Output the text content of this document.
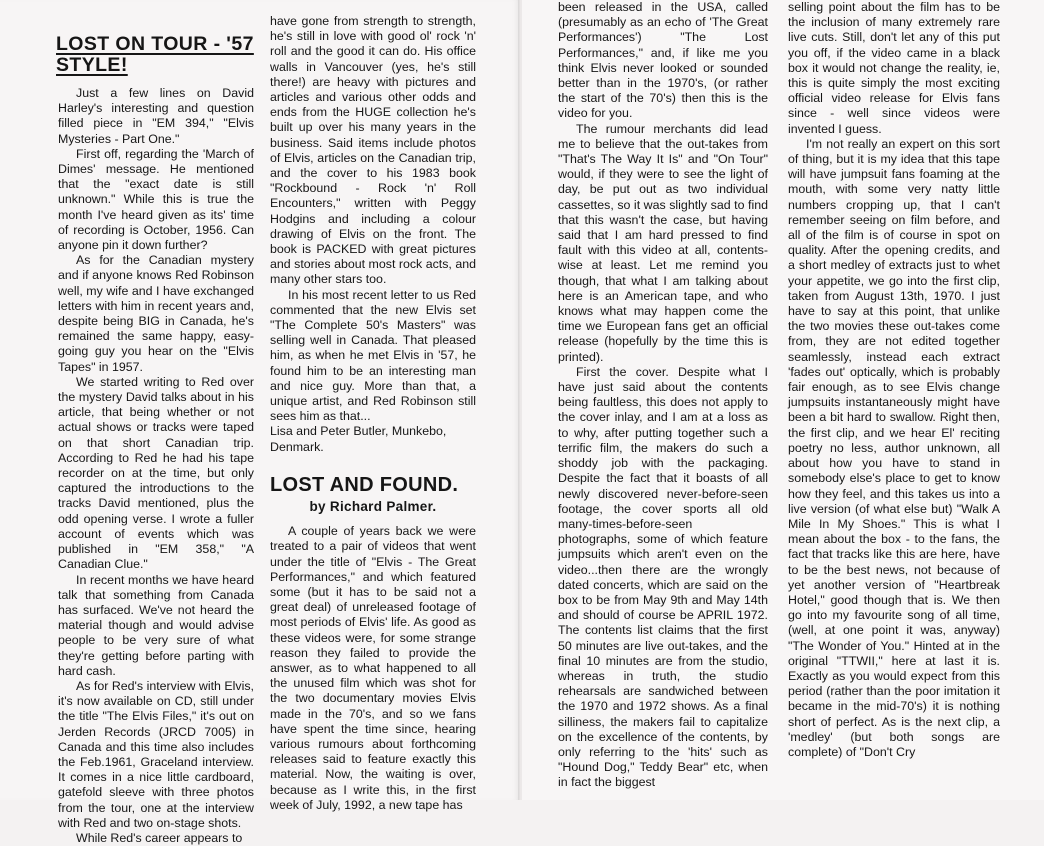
LOST ON TOUR - '57 STYLE!

Just a few lines on David Harley's interesting and question filled piece in "EM 394," "Elvis Mysteries - Part One."

First off, regarding the 'March of Dimes' message. He mentioned that the "exact date is still unknown." While this is true the month I've heard given as its' time of recording is October, 1956. Can anyone pin it down further?

As for the Canadian mystery and if anyone knows Red Robinson well, my wife and I have exchanged letters with him in recent years and, despite being BIG in Canada, he's remained the same happy, easy-going guy you hear on the "Elvis Tapes" in 1957.

We started writing to Red over the mystery David talks about in his article, that being whether or not actual shows or tracks were taped on that short Canadian trip. According to Red he had his tape recorder on at the time, but only captured the introductions to the tracks David mentioned, plus the odd opening verse. I wrote a fuller account of events which was published in "EM 358," "A Canadian Clue."

In recent months we have heard talk that something from Canada has surfaced. We've not heard the material though and would advise people to be very sure of what they're getting before parting with hard cash.

As for Red's interview with Elvis, it's now available on CD, still under the title "The Elvis Files," it's out on Jerden Records (JRCD 7005) in Canada and this time also includes the Feb.1961, Graceland interview. It comes in a nice little cardboard, gatefold sleeve with three photos from the tour, one at the interview with Red and two on-stage shots.

While Red's career appears to

have gone from strength to strength, he's still in love with good ol' rock 'n' roll and the good it can do. His office walls in Vancouver (yes, he's still there!) are heavy with pictures and articles and various other odds and ends from the HUGE collection he's built up over his many years in the business. Said items include photos of Elvis, articles on the Canadian trip, and the cover to his 1983 book "Rockbound - Rock 'n' Roll Encounters," written with Peggy Hodgins and including a colour drawing of Elvis on the front. The book is PACKED with great pictures and stories about most rock acts, and many other stars too.

In his most recent letter to us Red commented that the new Elvis set "The Complete 50's Masters" was selling well in Canada. That pleased him, as when he met Elvis in '57, he found him to be an interesting man and nice guy. More than that, a unique artist, and Red Robinson still sees him as that...

Lisa and Peter Butler, Munkebo, Denmark.

LOST AND FOUND.
by Richard Palmer.

A couple of years back we were treated to a pair of videos that went under the title of "Elvis - The Great Performances," and which featured some (but it has to be said not a great deal) of unreleased footage of most periods of Elvis' life. As good as these videos were, for some strange reason they failed to provide the answer, as to what happened to all the unused film which was shot for the two documentary movies Elvis made in the 70's, and so we fans have spent the time since, hearing various rumours about forthcoming releases said to feature exactly this material. Now, the waiting is over, because as I write this, in the first week of July, 1992, a new tape has

been released in the USA, called (presumably as an echo of 'The Great Performances') "The Lost Performances," and, if like me you think Elvis never looked or sounded better than in the 1970's, (or rather the start of the 70's) then this is the video for you.

The rumour merchants did lead me to believe that the out-takes from "That's The Way It Is" and "On Tour" would, if they were to see the light of day, be put out as two individual cassettes, so it was slightly sad to find that this wasn't the case, but having said that I am hard pressed to find fault with this video at all, contents-wise at least. Let me remind you though, that what I am talking about here is an American tape, and who knows what may happen come the time we European fans get an official release (hopefully by the time this is printed).

First the cover. Despite what I have just said about the contents being faultless, this does not apply to the cover inlay, and I am at a loss as to why, after putting together such a terrific film, the makers do such a shoddy job with the packaging. Despite the fact that it boasts of all newly discovered never-before-seen footage, the cover sports all old many-times-before-seen photographs, some of which feature jumpsuits which aren't even on the video...then there are the wrongly dated concerts, which are said on the box to be from May 9th and May 14th and should of course be APRIL 1972. The contents list claims that the first 50 minutes are live out-takes, and the final 10 minutes are from the studio, whereas in truth, the studio rehearsals are sandwiched between the 1970 and 1972 shows. As a final silliness, the makers fail to capitalize on the excellence of the contents, by only referring to the 'hits' such as "Hound Dog," Teddy Bear" etc, when in fact the biggest

selling point about the film has to be the inclusion of many extremely rare live cuts. Still, don't let any of this put you off, if the video came in a black box it would not change the reality, ie, this is quite simply the most exciting official video release for Elvis fans since - well since videos were invented I guess.

I'm not really an expert on this sort of thing, but it is my idea that this tape will have jumpsuit fans foaming at the mouth, with some very natty little numbers cropping up, that I can't remember seeing on film before, and all of the film is of course in spot on quality. After the opening credits, and a short medley of extracts just to whet your appetite, we go into the first clip, taken from August 13th, 1970. I just have to say at this point, that unlike the two movies these out-takes come from, they are not edited together seamlessly, instead each extract 'fades out' optically, which is probably fair enough, as to see Elvis change jumpsuits instantaneously might have been a bit hard to swallow. Right then, the first clip, and we hear El' reciting poetry no less, author unknown, all about how you have to stand in somebody else's place to get to know how they feel, and this takes us into a live version (of what else but) "Walk A Mile In My Shoes." This is what I mean about the box - to the fans, the fact that tracks like this are here, have to be the best news, not because of yet another version of "Heartbreak Hotel," good though that is. We then go into my favourite song of all time, (well, at one point it was, anyway) "The Wonder of You." Hinted at in the original "TTWII," here at last it is. Exactly as you would expect from this period (rather than the poor imitation it became in the mid-70's) it is nothing short of perfect. As is the next clip, a 'medley' (but both songs are complete) of "Don't Cry
